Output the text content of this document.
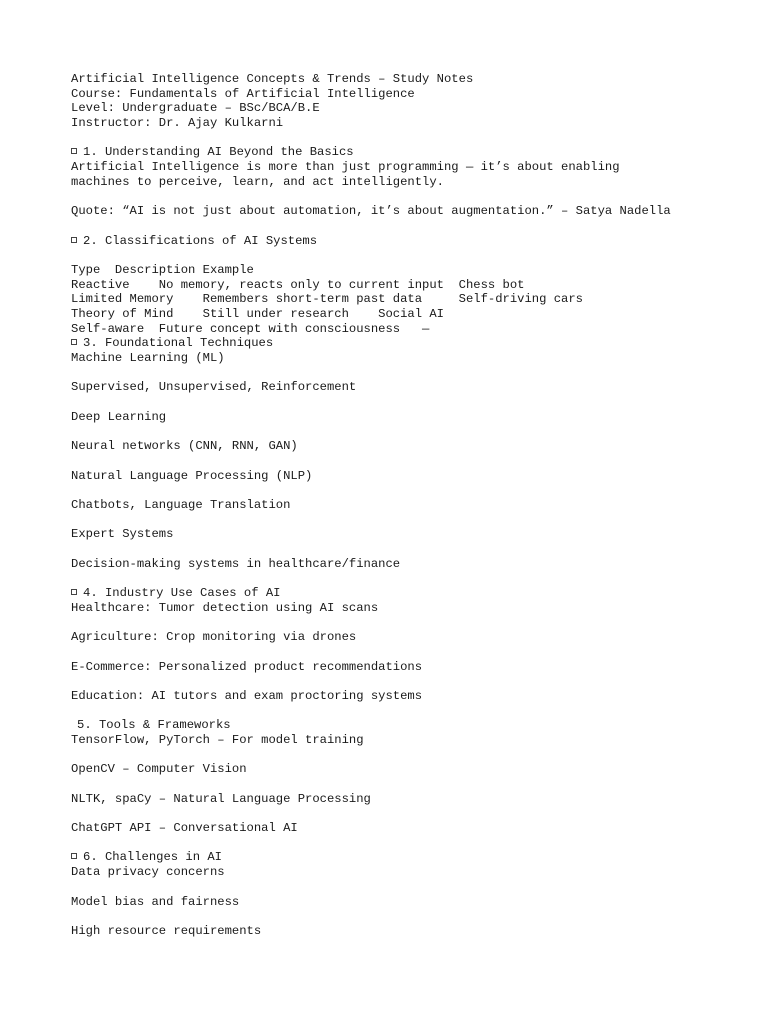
Artificial Intelligence Concepts & Trends – Study Notes
Course: Fundamentals of Artificial Intelligence
Level: Undergraduate – BSc/BCA/B.E
Instructor: Dr. Ajay Kulkarni
1. Understanding AI Beyond the Basics
Artificial Intelligence is more than just programming — it’s about enabling
machines to perceive, learn, and act intelligently.
Quote: “AI is not just about automation, it’s about augmentation.” – Satya Nadella
2. Classifications of AI Systems
Type  Description Example
Reactive    No memory, reacts only to current input  Chess bot
Limited Memory    Remembers short-term past data     Self-driving cars
Theory of Mind    Still under research    Social AI
Self-aware  Future concept with consciousness   —
3. Foundational Techniques
Machine Learning (ML)
Supervised, Unsupervised, Reinforcement
Deep Learning
Neural networks (CNN, RNN, GAN)
Natural Language Processing (NLP)
Chatbots, Language Translation
Expert Systems
Decision-making systems in healthcare/finance
4. Industry Use Cases of AI
Healthcare: Tumor detection using AI scans
Agriculture: Crop monitoring via drones
E-Commerce: Personalized product recommendations
Education: AI tutors and exam proctoring systems
5. Tools & Frameworks
TensorFlow, PyTorch – For model training
OpenCV – Computer Vision
NLTK, spaCy – Natural Language Processing
ChatGPT API – Conversational AI
6. Challenges in AI
Data privacy concerns
Model bias and fairness
High resource requirements
